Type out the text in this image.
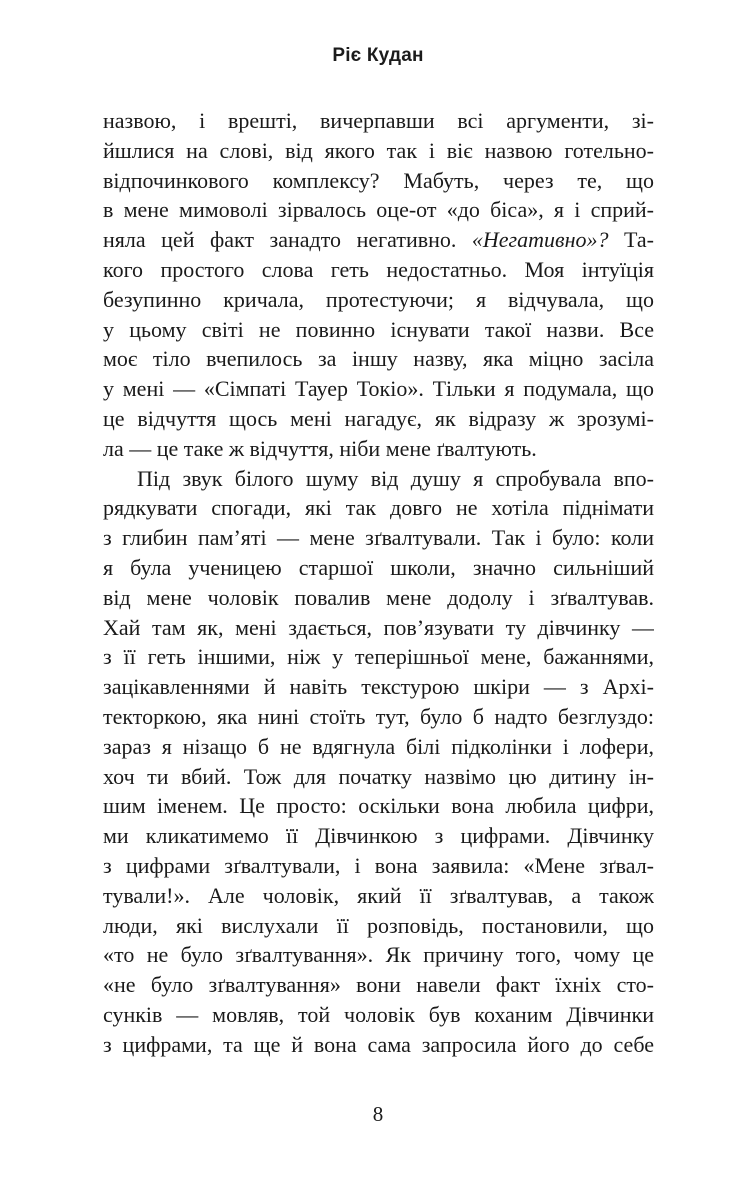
Ріє Кудан
назвою, і врешті, вичерпавши всі аргументи, зі-
йшлися на слові, від якого так і віє назвою готельно-
відпочинкового комплексу? Мабуть, через те, що
в мене мимоволі зірвалось оце-от «до біса», я і сприй-
няла цей факт занадто негативно. «Негативно»? Та-
кого простого слова геть недостатньо. Моя інтуїція
безупинно кричала, протестуючи; я відчувала, що
у цьому світі не повинно існувати такої назви. Все
моє тіло вчепилось за іншу назву, яка міцно засіла
у мені — «Сімпаті Тауер Токіо». Тільки я подумала, що
це відчуття щось мені нагадує, як відразу ж зрозумі-
ла — це таке ж відчуття, ніби мене ґвалтують.
Під звук білого шуму від душу я спробувала впо-
рядкувати спогади, які так довго не хотіла піднімати
з глибин пам’яті — мене зґвалтували. Так і було: коли
я була ученицею старшої школи, значно сильніший
від мене чоловік повалив мене додолу і зґвалтував.
Хай там як, мені здається, пов’язувати ту дівчинку —
з її геть іншими, ніж у теперішньої мене, бажаннями,
зацікавленнями й навіть текстурою шкіри — з Архі-
текторкою, яка нині стоїть тут, було б надто безглуздо:
зараз я нізащо б не вдягнула білі підколінки і лофери,
хоч ти вбий. Тож для початку назвімо цю дитину ін-
шим іменем. Це просто: оскільки вона любила цифри,
ми кликатимемо її Дівчинкою з цифрами. Дівчинку
з цифрами зґвалтували, і вона заявила: «Мене зґвал-
тували!». Але чоловік, який її зґвалтував, а також
люди, які вислухали її розповідь, постановили, що
«то не було зґвалтування». Як причину того, чому це
«не було зґвалтування» вони навели факт їхніх сто-
сунків — мовляв, той чоловік був коханим Дівчинки
з цифрами, та ще й вона сама запросила його до себе
8
